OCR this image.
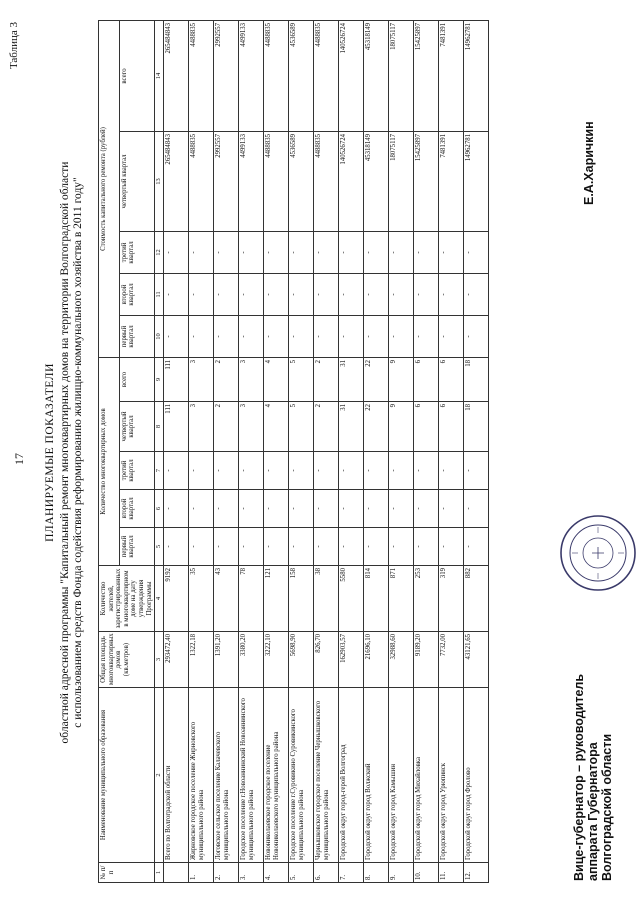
17
Таблица 3
ПЛАНИРУЕМЫЕ ПОКАЗАТЕЛИ областной адресной программы "Капитальный ремонт многоквартирных домов на территории Волгоградской области с использованием средств Фонда содействия реформированию жилищно-коммунального хозяйства в 2011 году"
№ п/п	Наименование муниципального образования	Общая площадь многоквартирных домов (кв.метров)	Количество жителей, зарегистрированных в многоквартирном доме на дату утверждения Программы	Количество многоквартирных домов					Стоимость капитального ремонта (рублей)				
				первый квартал	второй квартал	третий квартал	четвертый квартал	всего	первый квартал	второй квартал	третий квартал	четвертый квартал	всего
1	2	3	4	5	6	7	8	9	10	11	12	13	14
	Всего по Волгоградской области	293472,40	9192	-	-	-	111	111	-	-	-	265484843	265484843
1.	Жирновское городское поселение Жирновского муниципального района	1322,18	35	-	-	-	3	3	-	-	-	4488835	4488835
2.	Логовское сельское поселение Калачевского муниципального района	1391,20	43	-	-	-	2	2	-	-	-	2992557	2992557
3.	Городское поселение г.Новоаннинский Новоаннинского муниципального района	3380,20	78	-	-	-	3	3	-	-	-	4499133	4499133
4.	Новониколаевское городское поселение Новониколаевского муниципального района	3222,10	121	-	-	-	4	4	-	-	-	4488835	4488835
5.	Городское поселение г.Суровикино Суровикинского муниципального района	5698,90	158	-	-	-	5	5	-	-	-	4536589	4536589
6.	Чернышковское городское поселение Чернышковского муниципального района	826,70	38	-	-	-	2	2	-	-	-	4488835	4488835
7.	Городской округ город-герой Волгоград	162903,57	5580	-	-	-	31	31	-	-	-	140526724	140526724
8.	Городской округ город Волжский	21696,10	814	-	-	-	22	22	-	-	-	45318149	45318149
9.	Городской округ город Камышин	32988,60	871	-	-	-	9	9	-	-	-	18075117	18075117
10.	Городской округ город Михайловка	9189,20	253	-	-	-	6	6	-	-	-	15425897	15425897
11.	Городской округ город Урюпинск	7732,00	319	-	-	-	6	6	-	-	-	7481391	7481391
12.	Городской округ город Фролово	43121,65	882	-	-	-	18	18	-	-	-	14962781	14962781
Вице-губернатор – руководитель аппарата Губернатора Волгоградской области
Е.А.Харичкин
